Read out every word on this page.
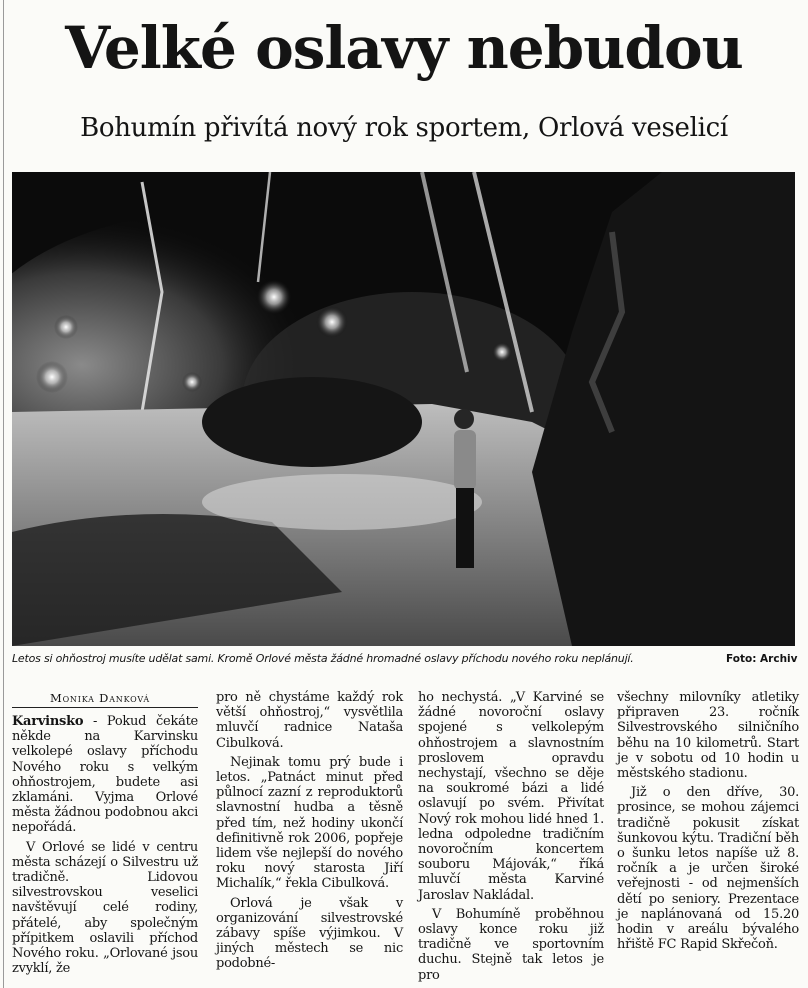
Velké oslavy nebudou
Bohumín přivítá nový rok sportem, Orlová veselicí
Letos si ohňostroj musíte udělat sami. Kromě Orlové města žádné hromadné oslavy příchodu nového roku neplánují.	Foto: Archiv
Monika Danková

Karvinsko - Pokud čekáte někde na Karvinsku velkolepé oslavy příchodu Nového roku s velkým ohňostrojem, budete asi zklamáni. Vyjma Orlové města žádnou podobnou akci nepořádá.

V Orlové se lidé v centru města scházejí o Silvestru už tradičně. Lidovou silvestrovskou veselici navštěvují celé rodiny, přátelé, aby společným přípitkem oslavili příchod Nového roku. „Orlované jsou zvyklí, že

pro ně chystáme každý rok větší ohňostroj,“ vysvětlila mluvčí radnice Nataša Cibulková.

Nejinak tomu prý bude i letos. „Patnáct minut před půlnocí zazní z reproduktorů slavnostní hudba a těsně před tím, než hodiny ukončí definitivně rok 2006, popřeje lidem vše nejlepší do nového roku nový starosta Jiří Michalík,“ řekla Cibulková.

Orlová je však v organizování silvestrovské zábavy spíše výjimkou. V jiných městech se nic podobné-

ho nechystá. „V Karviné se žádné novoroční oslavy spojené s velkolepým ohňostrojem a slavnostním proslovem opravdu nechystají, všechno se děje na soukromé bázi a lidé oslavují po svém. Přivítat Nový rok mohou lidé hned 1. ledna odpoledne tradičním novoročním koncertem souboru Májovák,“ říká mluvčí města Karviné Jaroslav Nakládal.

V Bohumíně proběhnou oslavy konce roku již tradičně ve sportovním duchu. Stejně tak letos je pro

všechny milovníky atletiky připraven 23. ročník Silvestrovského silničního běhu na 10 kilometrů. Start je v sobotu od 10 hodin u městského stadionu.

Již o den dříve, 30. prosince, se mohou zájemci tradičně pokusit získat šunkovou kýtu. Tradiční běh o šunku letos napíše už 8. ročník a je určen široké veřejnosti - od nejmenších dětí po seniory. Prezentace je naplánovaná od 15.20 hodin v areálu bývalého hřiště FC Rapid Skřečoň.
